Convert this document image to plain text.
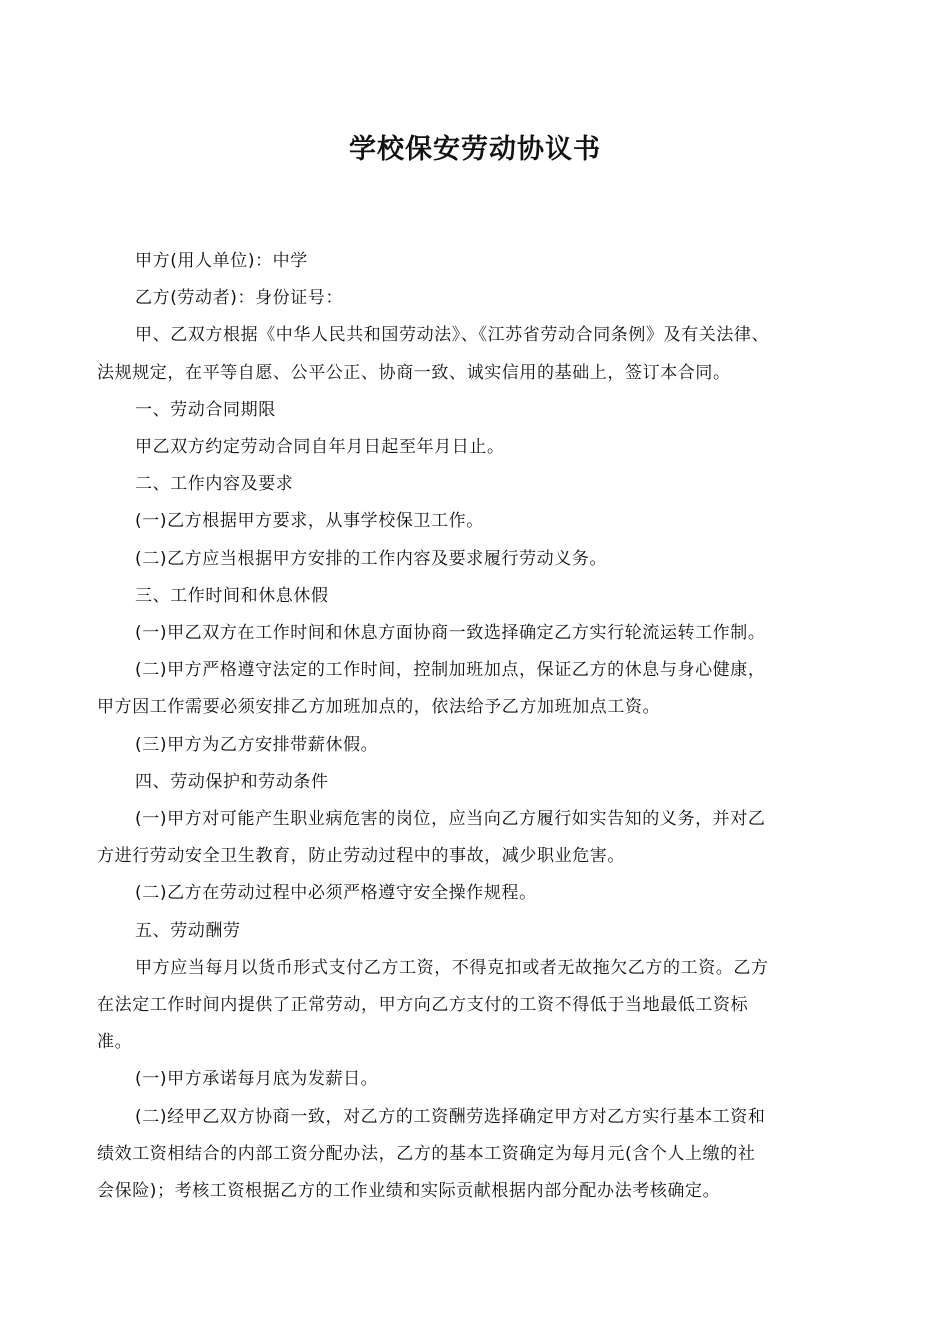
学校保安劳动协议书

甲方(用人单位)：中学

乙方(劳动者)：身份证号：

甲、乙双方根据《中华人民共和国劳动法》、《江苏省劳动合同条例》及有关法律、
法规规定，在平等自愿、公平公正、协商一致、诚实信用的基础上，签订本合同。

一、劳动合同期限

甲乙双方约定劳动合同自年月日起至年月日止。

二、工作内容及要求

(一)乙方根据甲方要求，从事学校保卫工作。

(二)乙方应当根据甲方安排的工作内容及要求履行劳动义务。

三、工作时间和休息休假

(一)甲乙双方在工作时间和休息方面协商一致选择确定乙方实行轮流运转工作制。

(二)甲方严格遵守法定的工作时间，控制加班加点，保证乙方的休息与身心健康，
甲方因工作需要必须安排乙方加班加点的，依法给予乙方加班加点工资。

(三)甲方为乙方安排带薪休假。

四、劳动保护和劳动条件

(一)甲方对可能产生职业病危害的岗位，应当向乙方履行如实告知的义务，并对乙
方进行劳动安全卫生教育，防止劳动过程中的事故，减少职业危害。

(二)乙方在劳动过程中必须严格遵守安全操作规程。

五、劳动酬劳

甲方应当每月以货币形式支付乙方工资，不得克扣或者无故拖欠乙方的工资。乙方
在法定工作时间内提供了正常劳动，甲方向乙方支付的工资不得低于当地最低工资标
准。

(一)甲方承诺每月底为发薪日。

(二)经甲乙双方协商一致，对乙方的工资酬劳选择确定甲方对乙方实行基本工资和
绩效工资相结合的内部工资分配办法，乙方的基本工资确定为每月元(含个人上缴的社
会保险)；考核工资根据乙方的工作业绩和实际贡献根据内部分配办法考核确定。
